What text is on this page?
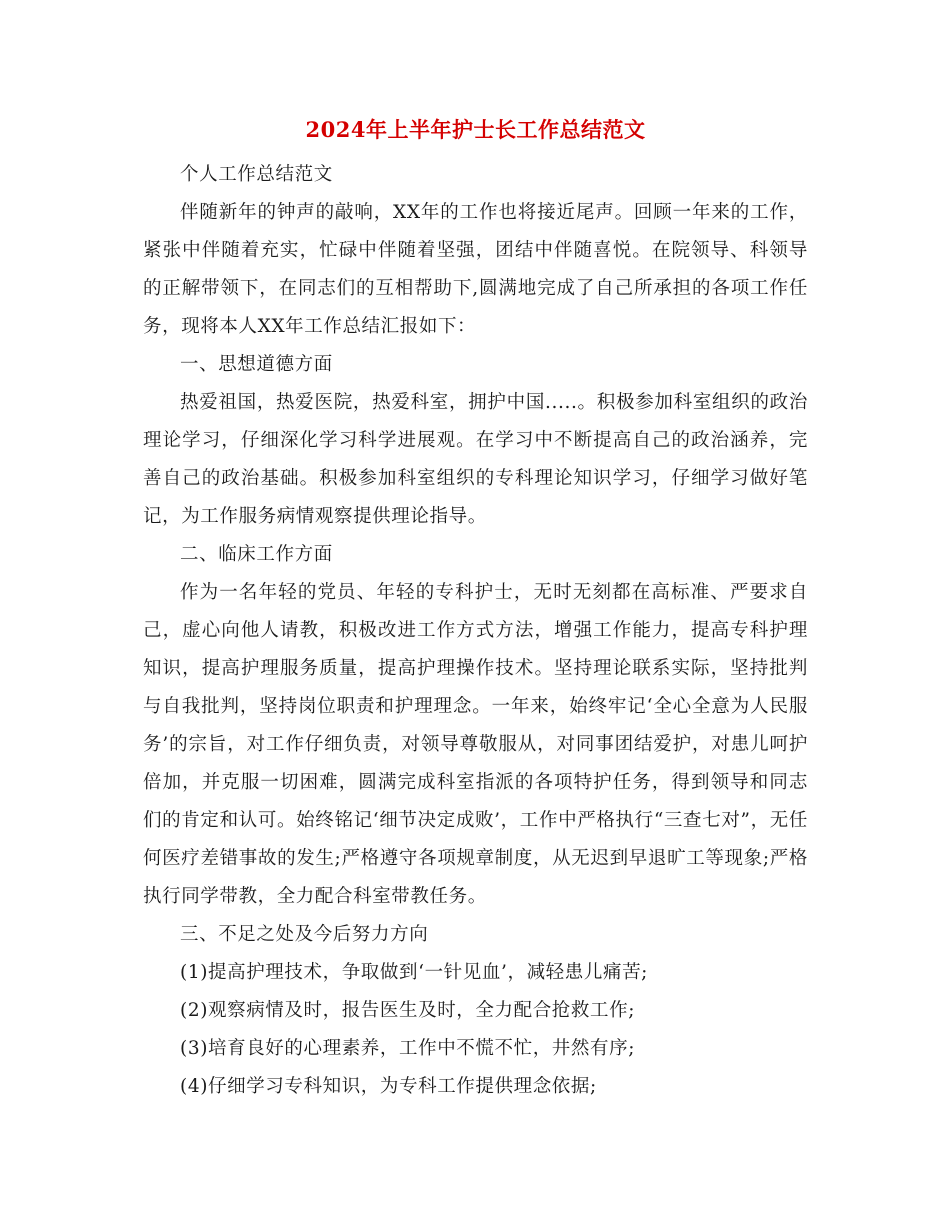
2024年上半年护士长工作总结范文

个人工作总结范文

伴随新年的钟声的敲响，XX年的工作也将接近尾声。回顾一年来的工作，紧张中伴随着充实，忙碌中伴随着坚强，团结中伴随喜悦。在院领导、科领导的正解带领下，在同志们的互相帮助下,圆满地完成了自己所承担的各项工作任务，现将本人XX年工作总结汇报如下：

一、思想道德方面

热爱祖国，热爱医院，热爱科室，拥护中国.....。积极参加科室组织的政治理论学习，仔细深化学习科学进展观。在学习中不断提高自己的政治涵养，完善自己的政治基础。积极参加科室组织的专科理论知识学习，仔细学习做好笔记，为工作服务病情观察提供理论指导。

二、临床工作方面

作为一名年轻的党员、年轻的专科护士，无时无刻都在高标准、严要求自己，虚心向他人请教，积极改进工作方式方法，增强工作能力，提高专科护理知识，提高护理服务质量，提高护理操作技术。坚持理论联系实际，坚持批判与自我批判，坚持岗位职责和护理理念。一年来，始终牢记‘全心全意为人民服务’的宗旨，对工作仔细负责，对领导尊敬服从，对同事团结爱护，对患儿呵护倍加，并克服一切困难，圆满完成科室指派的各项特护任务，得到领导和同志们的肯定和认可。始终铭记‘细节决定成败’，工作中严格执行“三查七对”，无任何医疗差错事故的发生;严格遵守各项规章制度，从无迟到早退旷工等现象;严格执行同学带教，全力配合科室带教任务。

三、不足之处及今后努力方向

(1)提高护理技术，争取做到‘一针见血’，减轻患儿痛苦;

(2)观察病情及时，报告医生及时，全力配合抢救工作;

(3)培育良好的心理素养，工作中不慌不忙，井然有序;

(4)仔细学习专科知识，为专科工作提供理念依据;
